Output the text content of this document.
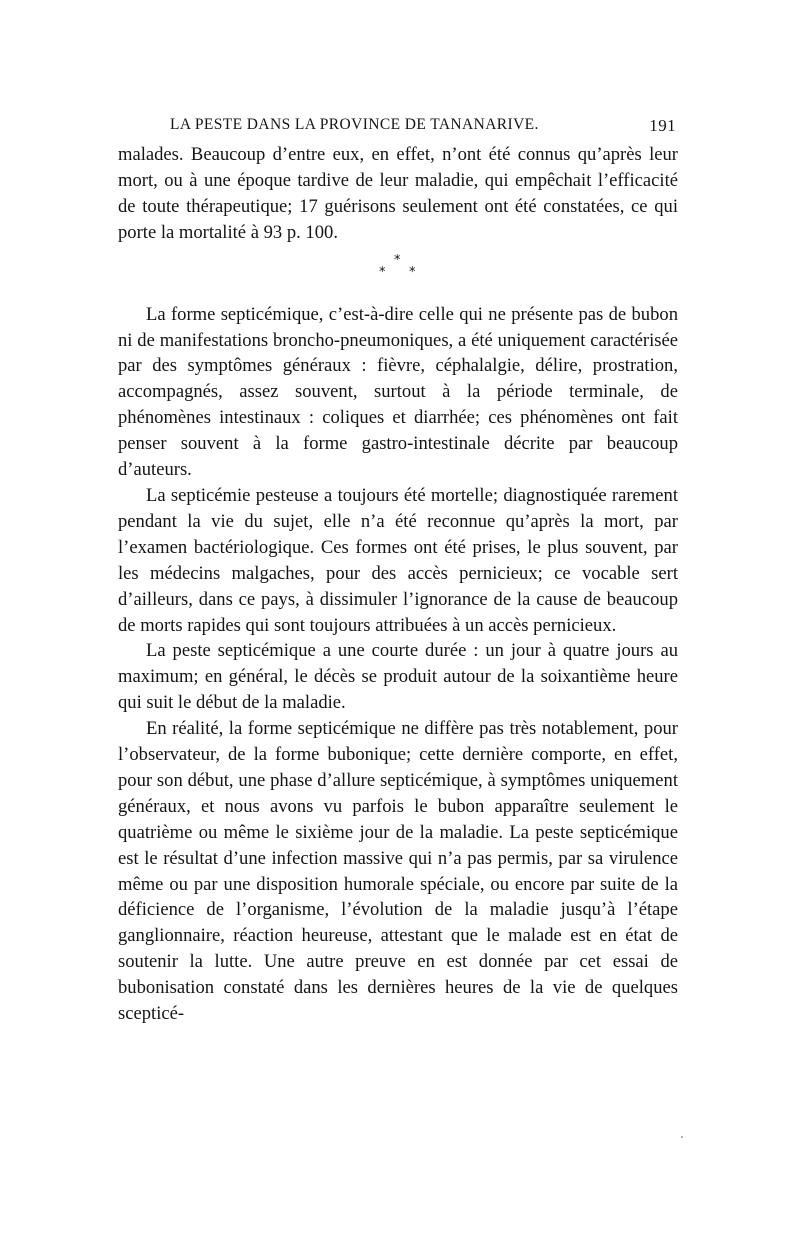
LA PESTE DANS LA PROVINCE DE TANANARIVE.	191

malades. Beaucoup d’entre eux, en effet, n’ont été connus qu’après leur mort, ou à une époque tardive de leur maladie, qui empêchait l’efficacité de toute thérapeutique; 17 guérisons seulement ont été constatées, ce qui porte la mortalité à 93 p. 100.

*
* *

La forme septicémique, c’est-à-dire celle qui ne présente pas de bubon ni de manifestations broncho-pneumoniques, a été uniquement caractérisée par des symptômes généraux : fièvre, céphalalgie, délire, prostration, accompagnés, assez souvent, surtout à la période terminale, de phénomènes intestinaux : coliques et diarrhée; ces phénomènes ont fait penser souvent à la forme gastro-intestinale décrite par beaucoup d’auteurs.

La septicémie pesteuse a toujours été mortelle; diagnostiquée rarement pendant la vie du sujet, elle n’a été reconnue qu’après la mort, par l’examen bactériologique. Ces formes ont été prises, le plus souvent, par les médecins malgaches, pour des accès pernicieux; ce vocable sert d’ailleurs, dans ce pays, à dissimuler l’ignorance de la cause de beaucoup de morts rapides qui sont toujours attribuées à un accès pernicieux.

La peste septicémique a une courte durée : un jour à quatre jours au maximum; en général, le décès se produit autour de la soixantième heure qui suit le début de la maladie.

En réalité, la forme septicémique ne diffère pas très notablement, pour l’observateur, de la forme bubonique; cette dernière comporte, en effet, pour son début, une phase d’allure septicémique, à symptômes uniquement généraux, et nous avons vu parfois le bubon apparaître seulement le quatrième ou même le sixième jour de la maladie. La peste septicémique est le résultat d’une infection massive qui n’a pas permis, par sa virulence même ou par une disposition humorale spéciale, ou encore par suite de la déficience de l’organisme, l’évolution de la maladie jusqu’à l’étape ganglionnaire, réaction heureuse, attestant que le malade est en état de soutenir la lutte. Une autre preuve en est donnée par cet essai de bubonisation constaté dans les dernières heures de la vie de quelques scepticé-
